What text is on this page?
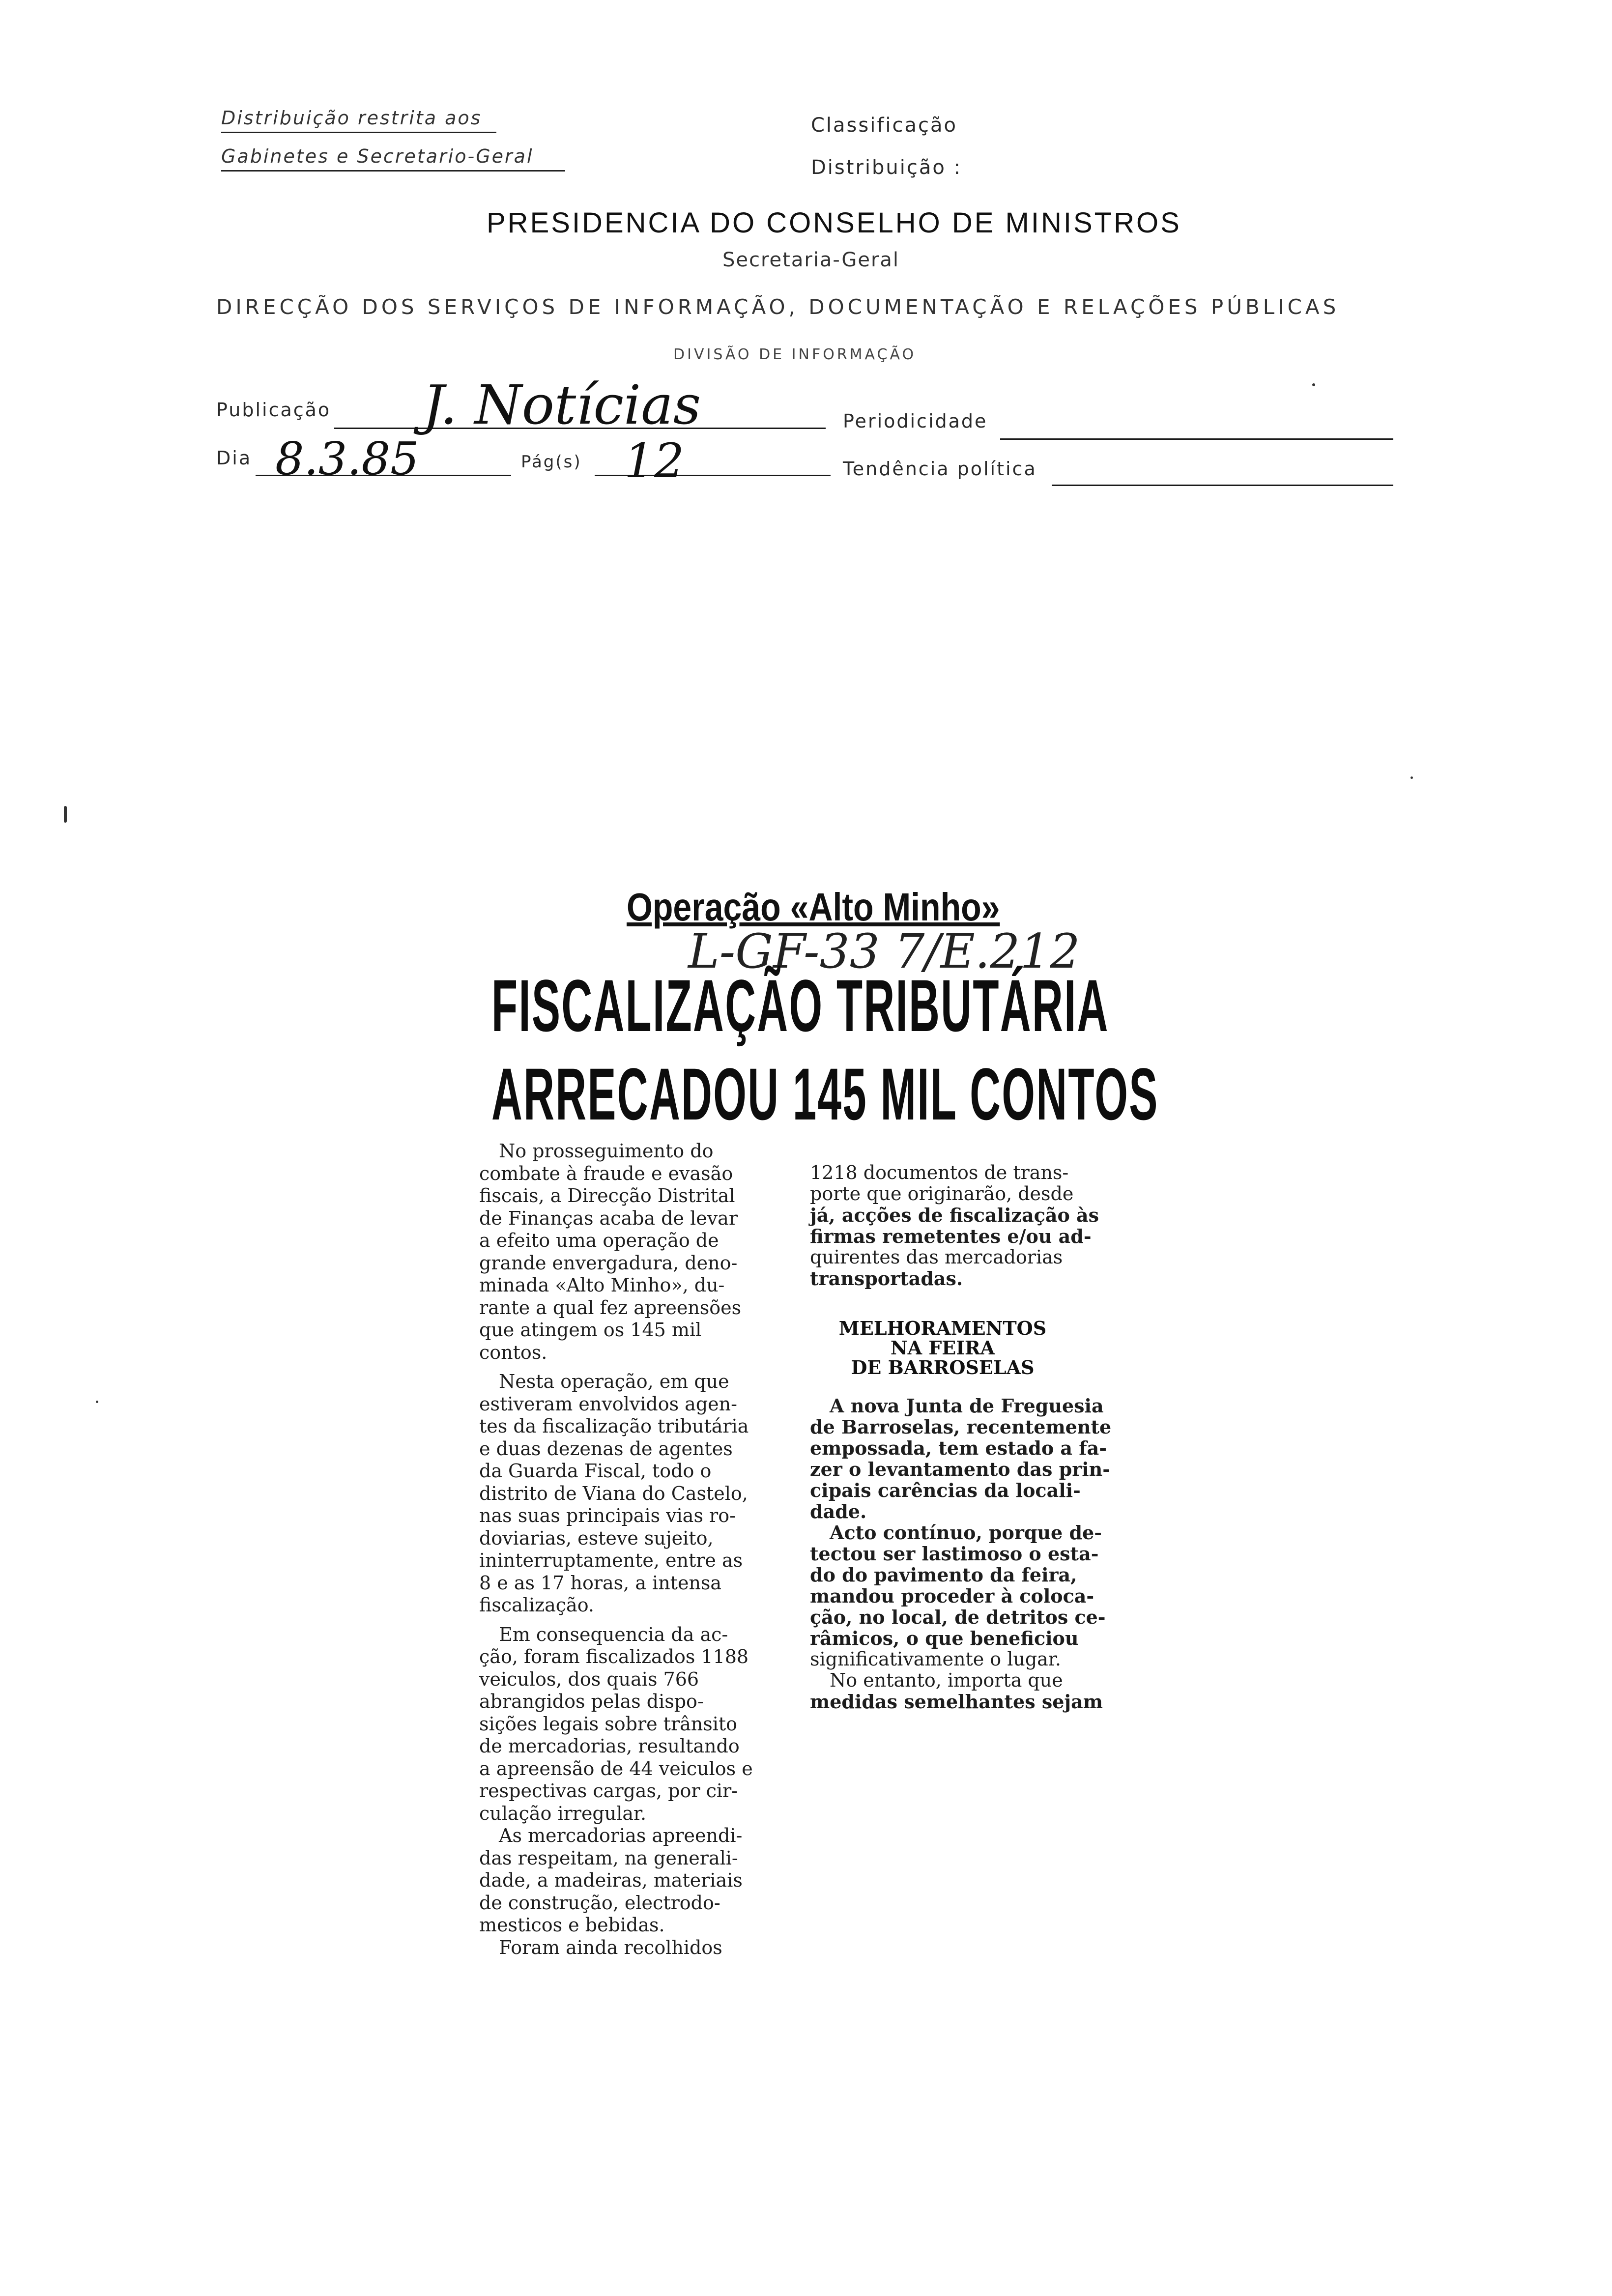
Distribuição restrita aos
Gabinetes e Secretario-Geral
Classificação
Distribuição :
PRESIDENCIA DO CONSELHO DE MINISTROS
Secretaria-Geral
DIRECÇÃO DOS SERVIÇOS DE INFORMAÇÃO, DOCUMENTAÇÃO E RELAÇÕES PÚBLICAS
DIVISÃO DE INFORMAÇÃO
Publicação J. Notícias	Periodicidade
Dia 8.3.85	Pág(s) 12	Tendência política
Operação «Alto Minho»
L-GF-33 7/E.212
FISCALIZAÇÃO TRIBUTÁRIA
ARRECADOU 145 MIL CONTOS
No prosseguimento do
combate à fraude e evasão
fiscais, a Direcção Distrital
de Finanças acaba de levar
a efeito uma operação de
grande envergadura, deno-
minada «Alto Minho», du-
rante a qual fez apreensões
que atingem os 145 mil
contos.
Nesta operação, em que
estiveram envolvidos agen-
tes da fiscalização tributária
e duas dezenas de agentes
da Guarda Fiscal, todo o
distrito de Viana do Castelo,
nas suas principais vias ro-
doviarias, esteve sujeito,
ininterruptamente, entre as
8 e as 17 horas, a intensa
fiscalização.
Em consequencia da ac-
ção, foram fiscalizados 1188
veiculos, dos quais 766
abrangidos pelas dispo-
sições legais sobre trânsito
de mercadorias, resultando
a apreensão de 44 veiculos e
respectivas cargas, por cir-
culação irregular.
As mercadorias apreendi-
das respeitam, na generali-
dade, a madeiras, materiais
de construção, electrodo-
mesticos e bebidas.
Foram ainda recolhidos
1218 documentos de trans-
porte que originarão, desde
já, acções de fiscalização às
firmas remetentes e/ou ad-
quirentes das mercadorias
transportadas.
MELHORAMENTOS
NA FEIRA
DE BARROSELAS
A nova Junta de Freguesia
de Barroselas, recentemente
empossada, tem estado a fa-
zer o levantamento das prin-
cipais carências da locali-
dade.
Acto contínuo, porque de-
tectou ser lastimoso o esta-
do do pavimento da feira,
mandou proceder à coloca-
ção, no local, de detritos ce-
râmicos, o que beneficiou
significativamente o lugar.
No entanto, importa que
medidas semelhantes sejam
